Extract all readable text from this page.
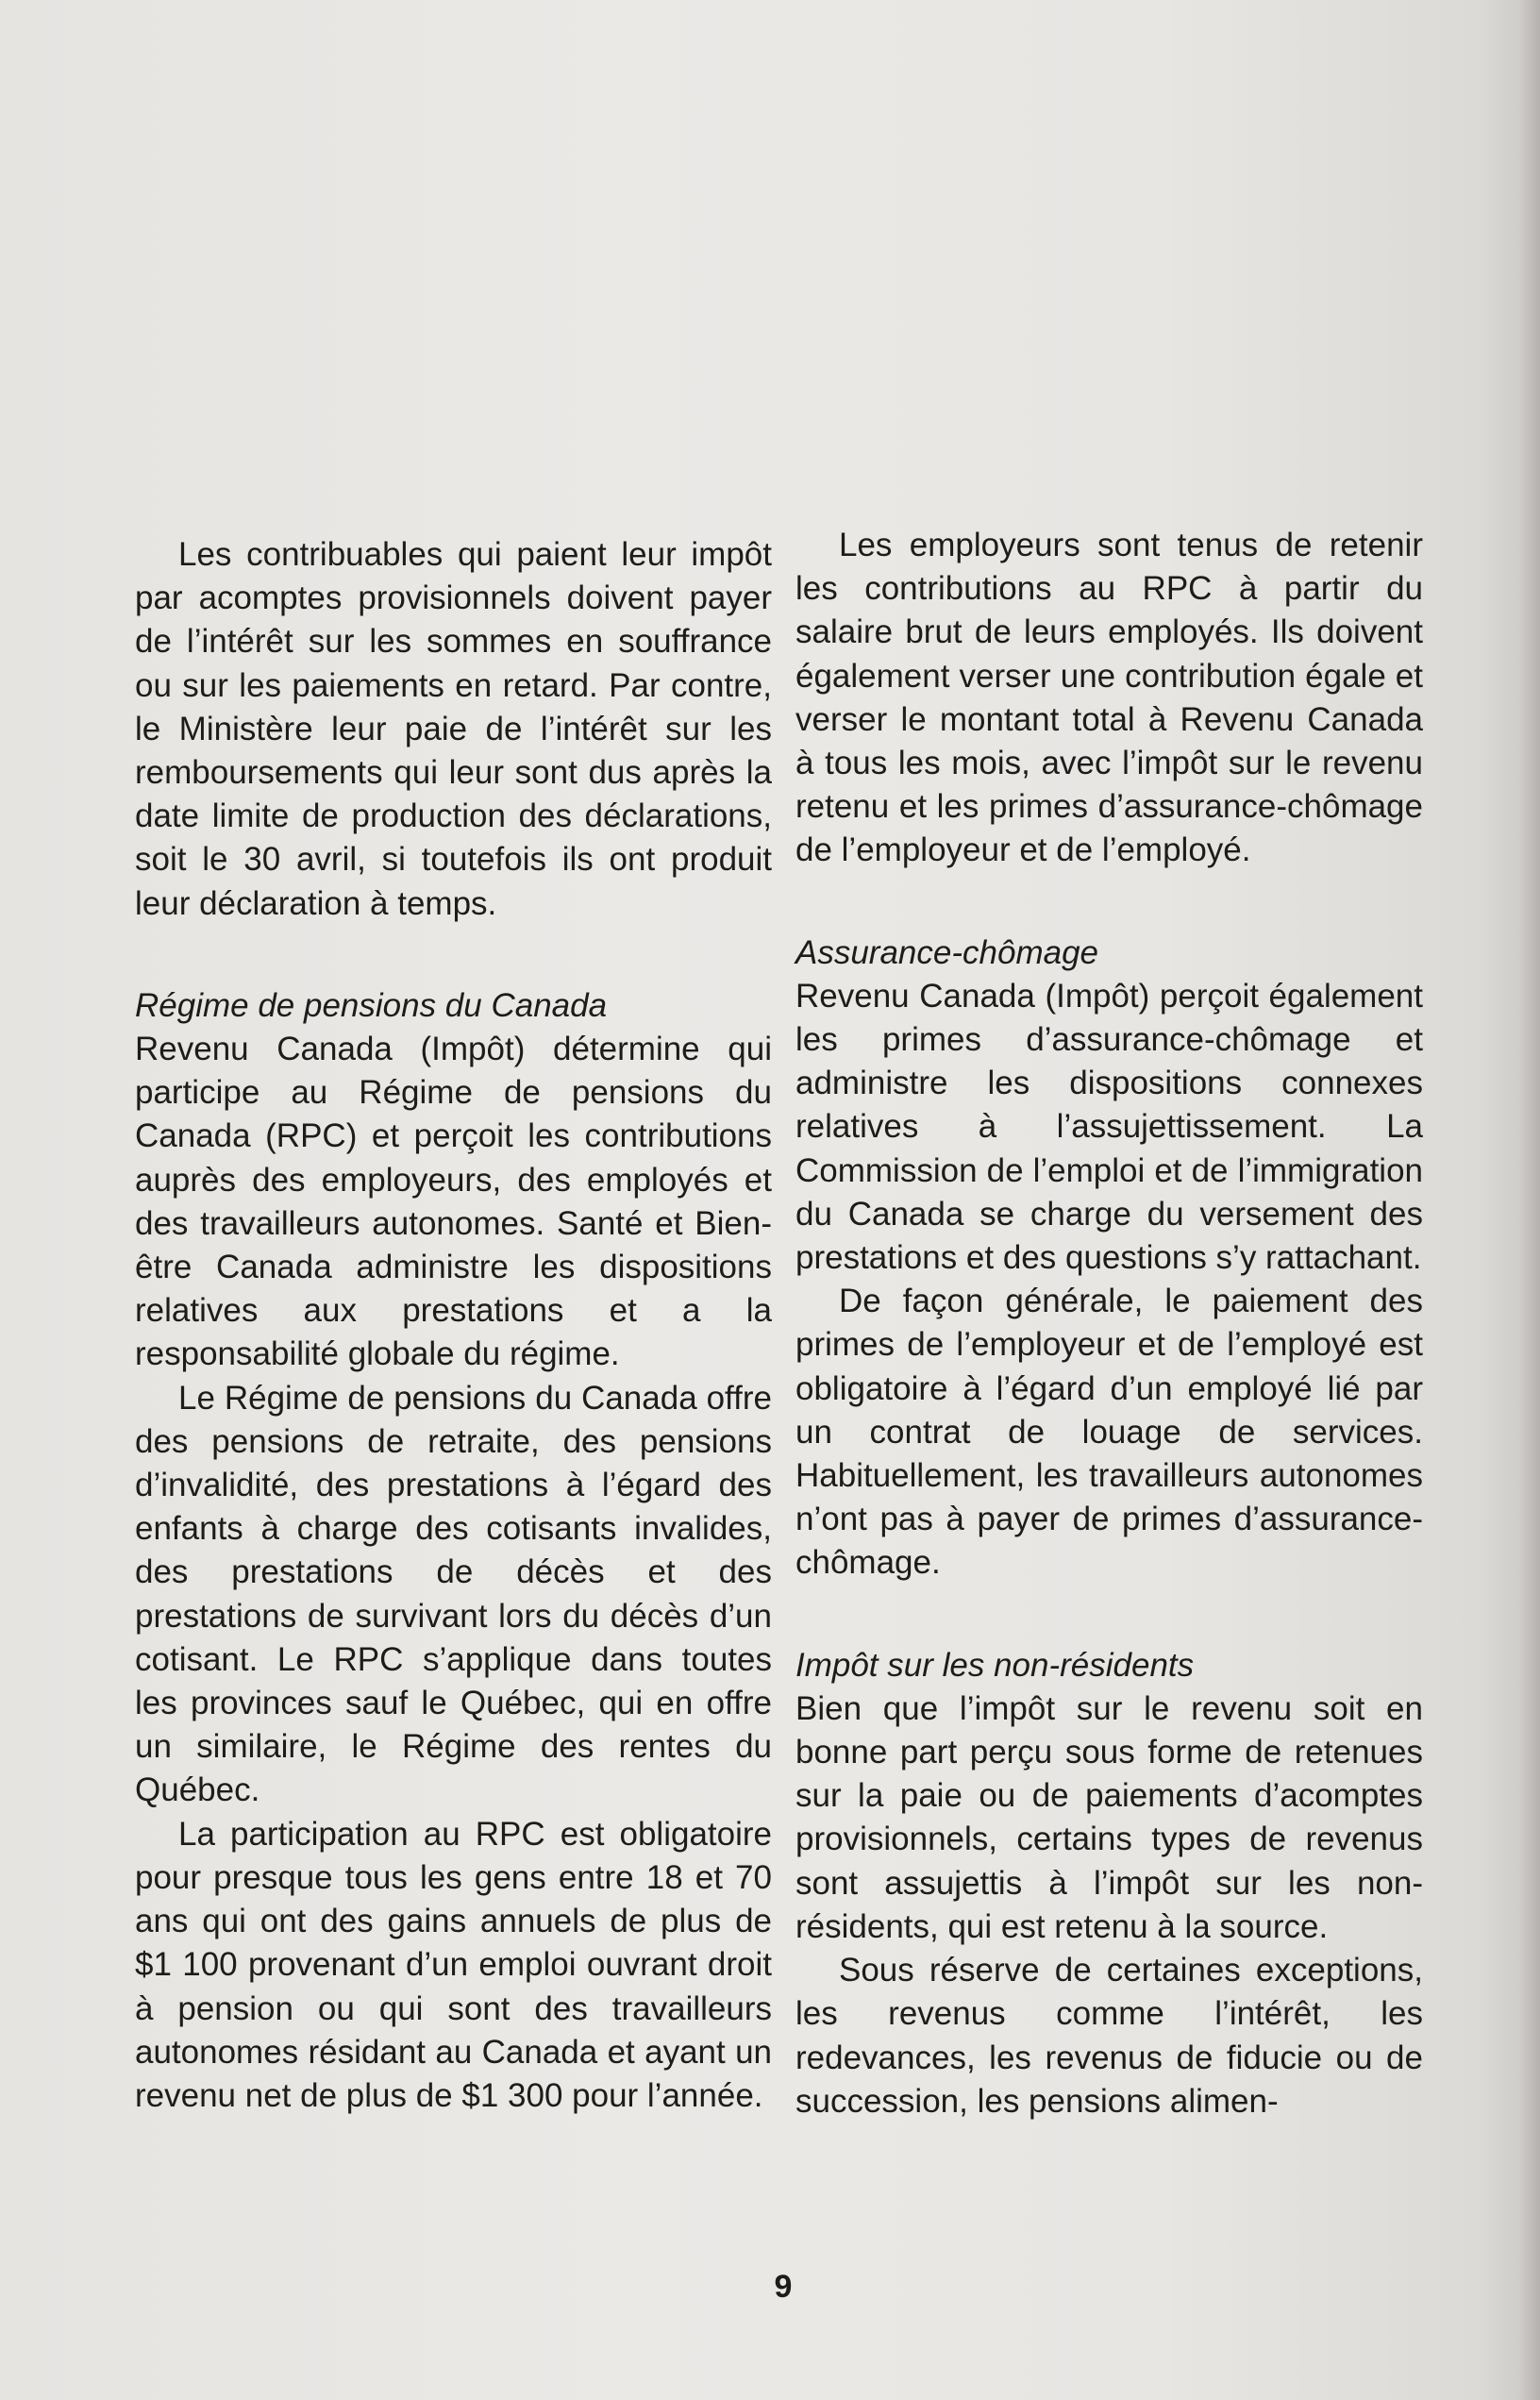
Les contribuables qui paient leur impôt par acomptes provisionnels doivent payer de l’intérêt sur les sommes en souffrance ou sur les paiements en retard. Par contre, le Ministère leur paie de l’intérêt sur les remboursements qui leur sont dus après la date limite de production des déclarations, soit le 30 avril, si toutefois ils ont produit leur déclaration à temps.

Régime de pensions du Canada

Revenu Canada (Impôt) détermine qui participe au Régime de pensions du Canada (RPC) et perçoit les contributions auprès des employeurs, des employés et des travailleurs autonomes. Santé et Bien-être Canada administre les dispositions relatives aux prestations et a la responsabilité globale du régime.

Le Régime de pensions du Canada offre des pensions de retraite, des pensions d’invalidité, des prestations à l’égard des enfants à charge des cotisants invalides, des prestations de décès et des prestations de survivant lors du décès d’un cotisant. Le RPC s’applique dans toutes les provinces sauf le Québec, qui en offre un similaire, le Régime des rentes du Québec.

La participation au RPC est obligatoire pour presque tous les gens entre 18 et 70 ans qui ont des gains annuels de plus de $1 100 provenant d’un emploi ouvrant droit à pension ou qui sont des travailleurs autonomes résidant au Canada et ayant un revenu net de plus de $1 300 pour l’année.

Les employeurs sont tenus de retenir les contributions au RPC à partir du salaire brut de leurs employés. Ils doivent également verser une contribution égale et verser le montant total à Revenu Canada à tous les mois, avec l’impôt sur le revenu retenu et les primes d’assurance-chômage de l’employeur et de l’employé.

Assurance-chômage

Revenu Canada (Impôt) perçoit également les primes d’assurance-chômage et administre les dispositions connexes relatives à l’assujettissement. La Commission de l’emploi et de l’immigration du Canada se charge du versement des prestations et des questions s’y rattachant.

De façon générale, le paiement des primes de l’employeur et de l’employé est obligatoire à l’égard d’un employé lié par un contrat de louage de services. Habituellement, les travailleurs autonomes n’ont pas à payer de primes d’assurance-chômage.

Impôt sur les non-résidents

Bien que l’impôt sur le revenu soit en bonne part perçu sous forme de retenues sur la paie ou de paiements d’acomptes provisionnels, certains types de revenus sont assujettis à l’impôt sur les non-résidents, qui est retenu à la source.

Sous réserve de certaines exceptions, les revenus comme l’intérêt, les redevances, les revenus de fiducie ou de succession, les pensions alimen-

9
